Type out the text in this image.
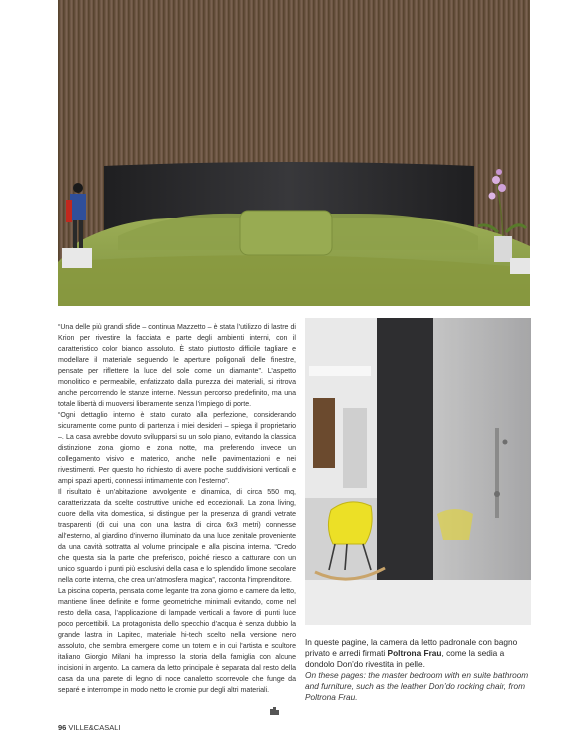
“Una delle più grandi sfide – continua Mazzetto – è stata l’utilizzo di lastre di Krion per rivestire la facciata e parte degli ambienti interni, con il caratteristico color bianco assoluto. È stato piuttosto difficile tagliare e modellare il materiale seguendo le aperture poligonali delle finestre, pensate per riflettere la luce del sole come un diamante”. L’aspetto monolitico e permeabile, enfatizzato dalla purezza dei materiali, si ritrova anche percorrendo le stanze interne. Nessun percorso predefinito, ma una totale libertà di muoversi liberamente senza l’impiego di porte.

“Ogni dettaglio interno è stato curato alla perfezione, considerando sicuramente come punto di partenza i miei desideri – spiega il proprietario –. La casa avrebbe dovuto svilupparsi su un solo piano, evitando la classica distinzione zona giorno e zona notte, ma preferendo invece un collegamento visivo e materico, anche nelle pavimentazioni e nei rivestimenti. Per questo ho richiesto di avere poche suddivisioni verticali e ampi spazi aperti, connessi intimamente con l’esterno”.

Il risultato è un’abitazione avvolgente e dinamica, di circa 550 mq, caratterizzata da scelte costruttive uniche ed eccezionali. La zona living, cuore della vita domestica, si distingue per la presenza di grandi vetrate trasparenti (di cui una con una lastra di circa 6x3 metri) connesse all’esterno, al giardino d’inverno illuminato da una luce zenitale proveniente da una cavità sottratta al volume principale e alla piscina interna. “Credo che questa sia la parte che preferisco, poiché riesco a catturare con un unico sguardo i punti più esclusivi della casa e lo splendido limone secolare nella corte interna, che crea un’atmosfera magica”, racconta l’imprenditore.

La piscina coperta, pensata come legante tra zona giorno e camere da letto, mantiene linee definite e forme geometriche minimali evitando, come nel resto della casa, l’applicazione di lampade verticali a favore di punti luce poco percettibili. La protagonista dello specchio d’acqua è senza dubbio la grande lastra in Lapitec, materiale hi-tech scelto nella versione nero assoluto, che sembra emergere come un totem e in cui l’artista e scultore italiano Giorgio Milani ha impresso la storia della famiglia con alcune incisioni in argento. La camera da letto principale è separata dal resto della casa da una parete di legno di noce canaletto scorrevole che funge da separé e interrompe in modo netto le cromie pur degli altri materiali.

In queste pagine, la camera da letto padronale con bagno privato e arredi firmati Poltrona Frau, come la sedia a dondolo Don’do rivestita in pelle.
On these pages: the master bedroom with en suite bathroom and furniture, such as the leather Don’do rocking chair, from Poltrona Frau.
96 VILLE&CASALI
